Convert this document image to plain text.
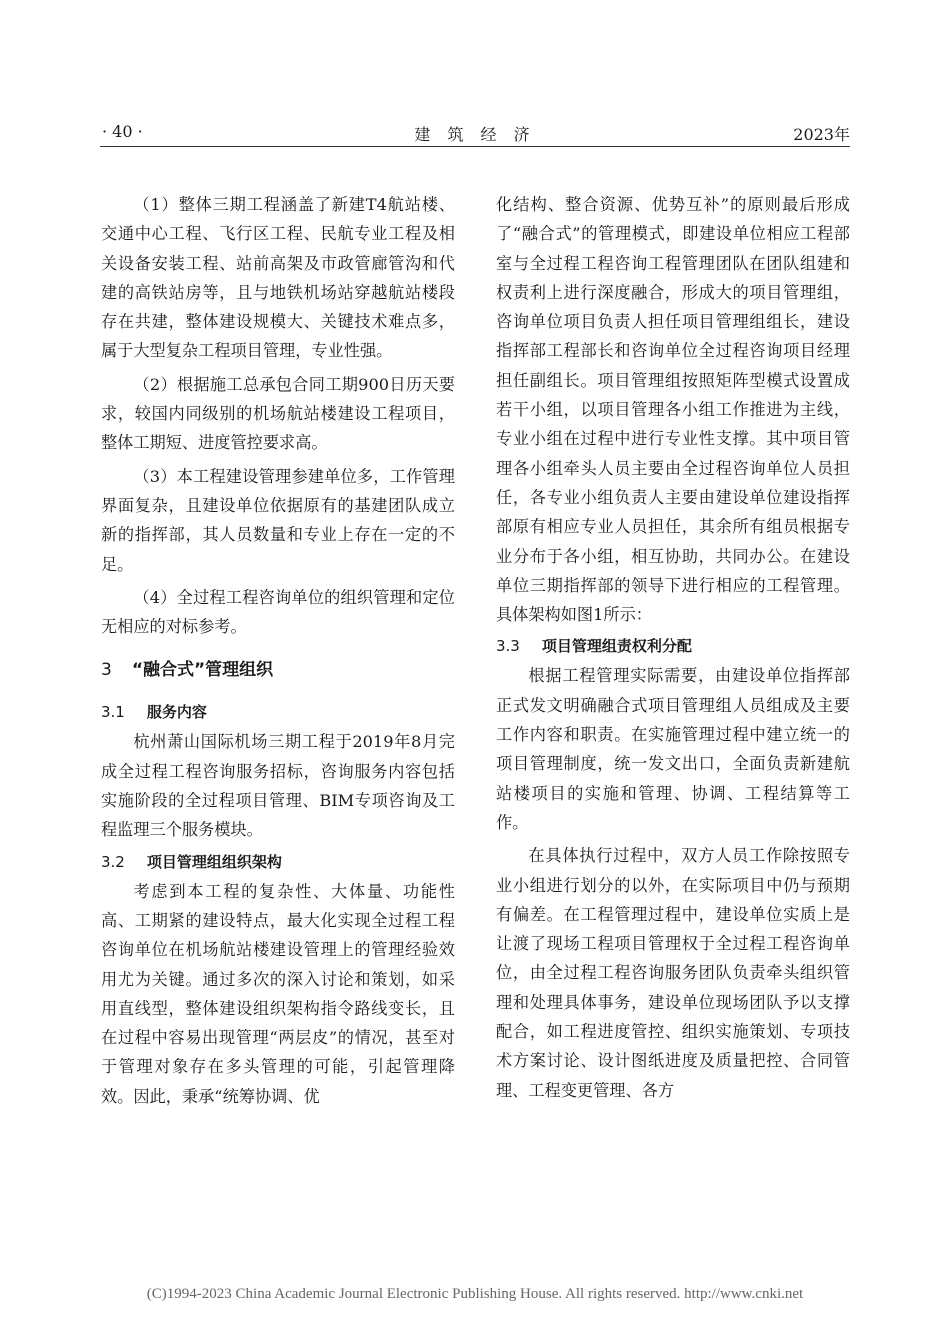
· 40 ·	建 筑 经 济	2023年

（1）整体三期工程涵盖了新建T4航站楼、交通中心工程、飞行区工程、民航专业工程及相关设备安装工程、站前高架及市政管廊管沟和代建的高铁站房等，且与地铁机场站穿越航站楼段存在共建，整体建设规模大、关键技术难点多，属于大型复杂工程项目管理，专业性强。

（2）根据施工总承包合同工期900日历天要求，较国内同级别的机场航站楼建设工程项目，整体工期短、进度管控要求高。

（3）本工程建设管理参建单位多，工作管理界面复杂，且建设单位依据原有的基建团队成立新的指挥部，其人员数量和专业上存在一定的不足。

（4）全过程工程咨询单位的组织管理和定位无相应的对标参考。

3 “融合式”管理组织
3.1 服务内容

杭州萧山国际机场三期工程于2019年8月完成全过程工程咨询服务招标，咨询服务内容包括实施阶段的全过程项目管理、BIM专项咨询及工程监理三个服务模块。

3.2 项目管理组组织架构

考虑到本工程的复杂性、大体量、功能性高、工期紧的建设特点，最大化实现全过程工程咨询单位在机场航站楼建设管理上的管理经验效用尤为关键。通过多次的深入讨论和策划，如采用直线型，整体建设组织架构指令路线变长，且在过程中容易出现管理“两层皮”的情况，甚至对于管理对象存在多头管理的可能，引起管理降效。因此，秉承“统筹协调、优

化结构、整合资源、优势互补”的原则最后形成了“融合式”的管理模式，即建设单位相应工程部室与全过程工程咨询工程管理团队在团队组建和权责利上进行深度融合，形成大的项目管理组，咨询单位项目负责人担任项目管理组组长，建设指挥部工程部长和咨询单位全过程咨询项目经理担任副组长。项目管理组按照矩阵型模式设置成若干小组，以项目管理各小组工作推进为主线，专业小组在过程中进行专业性支撑。其中项目管理各小组牵头人员主要由全过程咨询单位人员担任，各专业小组负责人主要由建设单位建设指挥部原有相应专业人员担任，其余所有组员根据专业分布于各小组，相互协助，共同办公。在建设单位三期指挥部的领导下进行相应的工程管理。具体架构如图1所示：

3.3 项目管理组责权利分配

根据工程管理实际需要，由建设单位指挥部正式发文明确融合式项目管理组人员组成及主要工作内容和职责。在实施管理过程中建立统一的项目管理制度，统一发文出口，全面负责新建航站楼项目的实施和管理、协调、工程结算等工作。

在具体执行过程中，双方人员工作除按照专业小组进行划分的以外，在实际项目中仍与预期有偏差。在工程管理过程中，建设单位实质上是让渡了现场工程项目管理权于全过程工程咨询单位，由全过程工程咨询服务团队负责牵头组织管理和处理具体事务，建设单位现场团队予以支撑配合，如工程进度管控、组织实施策划、专项技术方案讨论、设计图纸进度及质量把控、合同管理、工程变更管理、各方

(C)1994-2023 China Academic Journal Electronic Publishing House. All rights reserved. http://www.cnki.net
